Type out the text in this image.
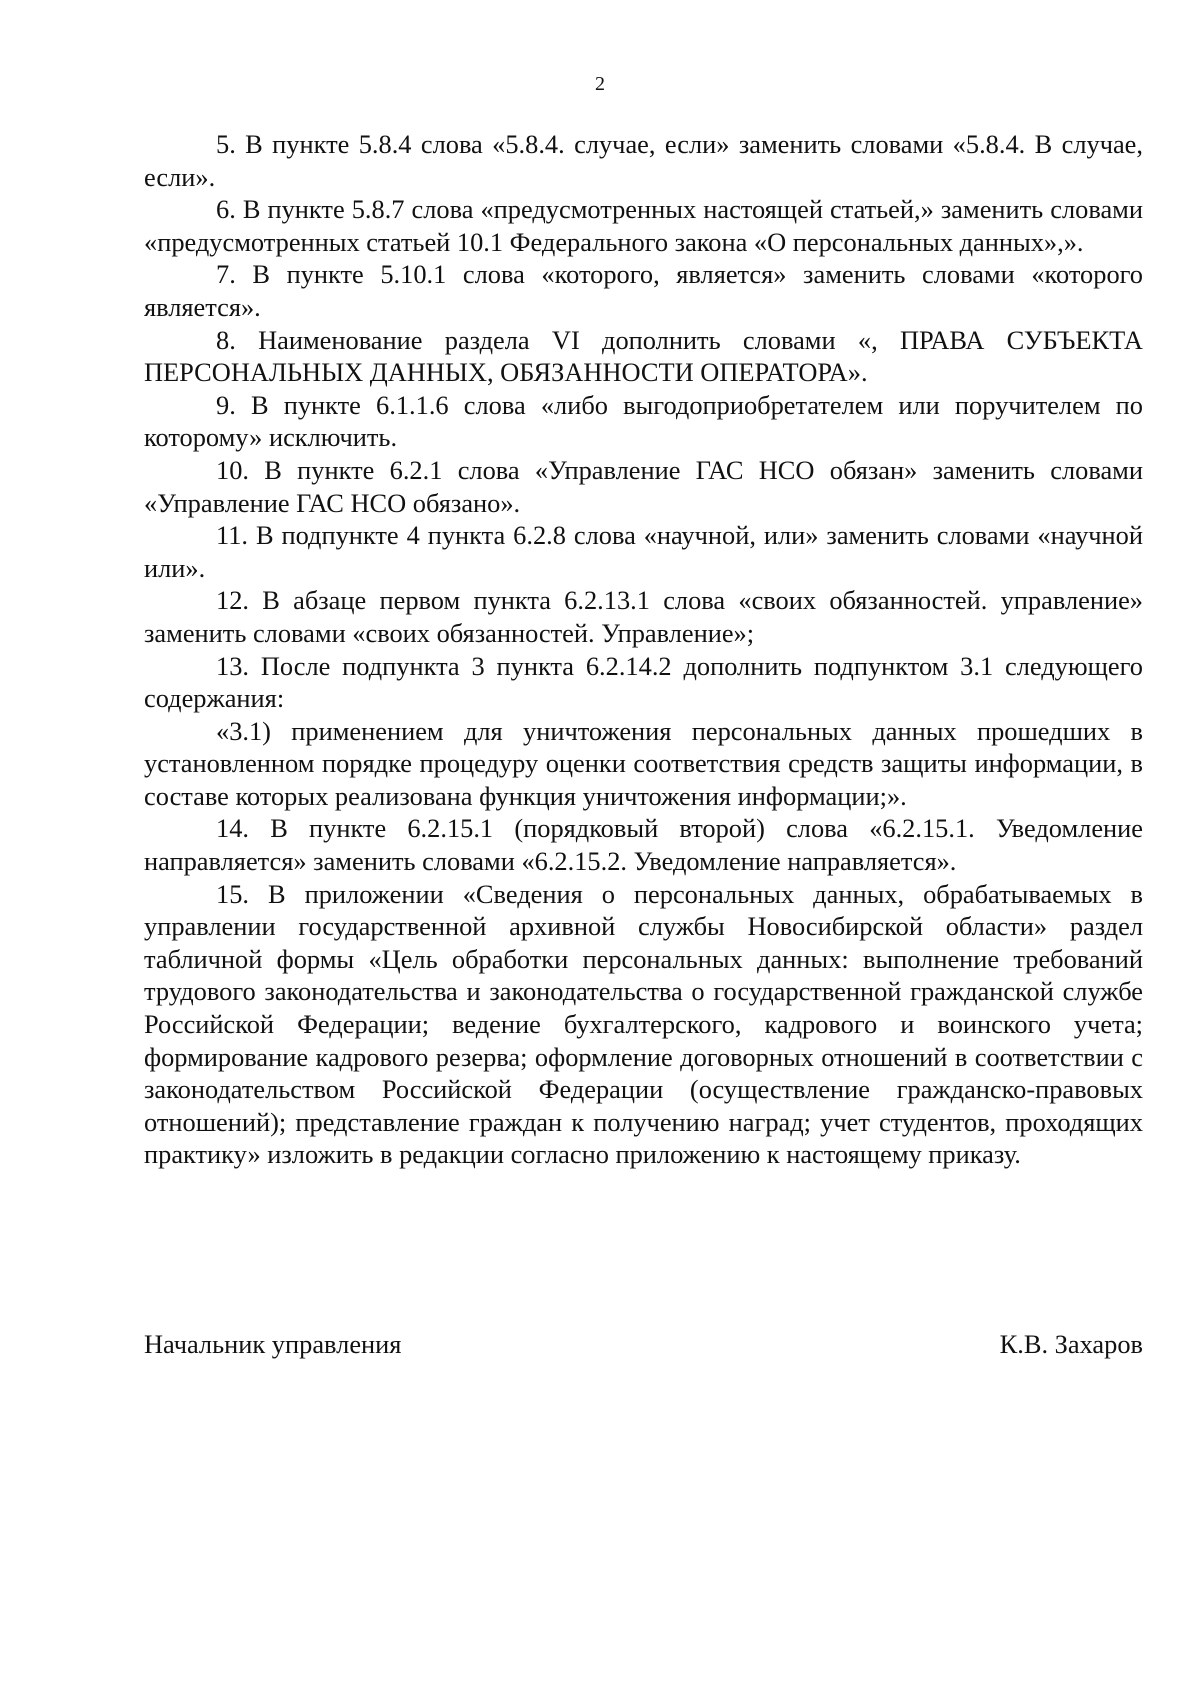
2

5. В пункте 5.8.4 слова «5.8.4. случае, если» заменить словами «5.8.4. В случае, если».

6. В пункте 5.8.7 слова «предусмотренных настоящей статьей,» заменить словами «предусмотренных статьей 10.1 Федерального закона «О персональных данных»,».

7. В пункте 5.10.1 слова «которого, является» заменить словами «которого является».

8. Наименование раздела VI дополнить словами «, ПРАВА СУБЪЕКТА ПЕРСОНАЛЬНЫХ ДАННЫХ, ОБЯЗАННОСТИ ОПЕРАТОРА».

9. В пункте 6.1.1.6 слова «либо выгодоприобретателем или поручителем по которому» исключить.

10. В пункте 6.2.1 слова «Управление ГАС НСО обязан» заменить словами «Управление ГАС НСО обязано».

11. В подпункте 4 пункта 6.2.8 слова «научной, или» заменить словами «научной или».

12. В абзаце первом пункта 6.2.13.1 слова «своих обязанностей. управление» заменить словами «своих обязанностей. Управление»;

13. После подпункта 3 пункта 6.2.14.2 дополнить подпунктом 3.1 следующего содержания:

«3.1) применением для уничтожения персональных данных прошедших в установленном порядке процедуру оценки соответствия средств защиты информации, в составе которых реализована функция уничтожения информации;».

14. В пункте 6.2.15.1 (порядковый второй) слова «6.2.15.1. Уведомление направляется» заменить словами «6.2.15.2. Уведомление направляется».

15. В приложении «Сведения о персональных данных, обрабатываемых в управлении государственной архивной службы Новосибирской области» раздел табличной формы «Цель обработки персональных данных: выполнение требований трудового законодательства и законодательства о государственной гражданской службе Российской Федерации; ведение бухгалтерского, кадрового и воинского учета; формирование кадрового резерва; оформление договорных отношений в соответствии с законодательством Российской Федерации (осуществление гражданско-правовых отношений); представление граждан к получению наград; учет студентов, проходящих практику» изложить в редакции согласно приложению к настоящему приказу.

Начальник управления	К.В. Захаров
